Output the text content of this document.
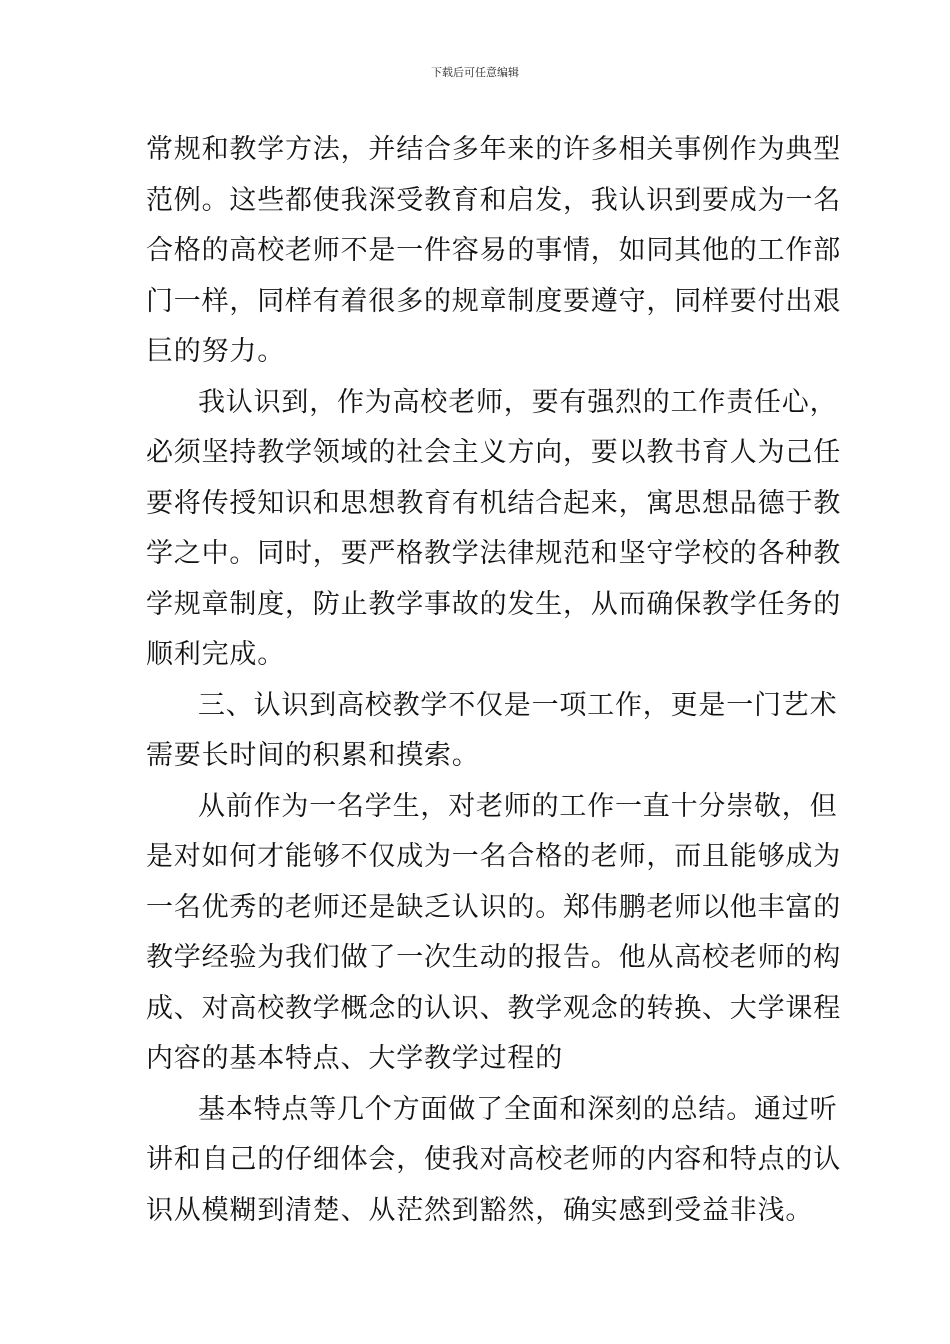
下载后可任意编辑
常规和教学方法，并结合多年来的许多相关事例作为典型
范例。这些都使我深受教育和启发，我认识到要成为一名
合格的高校老师不是一件容易的事情，如同其他的工作部
门一样，同样有着很多的规章制度要遵守，同样要付出艰
巨的努力。
我认识到，作为高校老师，要有强烈的工作责任心，
必须坚持教学领域的社会主义方向，要以教书育人为己任
要将传授知识和思想教育有机结合起来，寓思想品德于教
学之中。同时，要严格教学法律规范和坚守学校的各种教
学规章制度，防止教学事故的发生，从而确保教学任务的
顺利完成。
三、认识到高校教学不仅是一项工作，更是一门艺术
需要长时间的积累和摸索。
从前作为一名学生，对老师的工作一直十分崇敬，但
是对如何才能够不仅成为一名合格的老师，而且能够成为
一名优秀的老师还是缺乏认识的。郑伟鹏老师以他丰富的
教学经验为我们做了一次生动的报告。他从高校老师的构
成、对高校教学概念的认识、教学观念的转换、大学课程
内容的基本特点、大学教学过程的
基本特点等几个方面做了全面和深刻的总结。通过听
讲和自己的仔细体会，使我对高校老师的内容和特点的认
识从模糊到清楚、从茫然到豁然，确实感到受益非浅。
